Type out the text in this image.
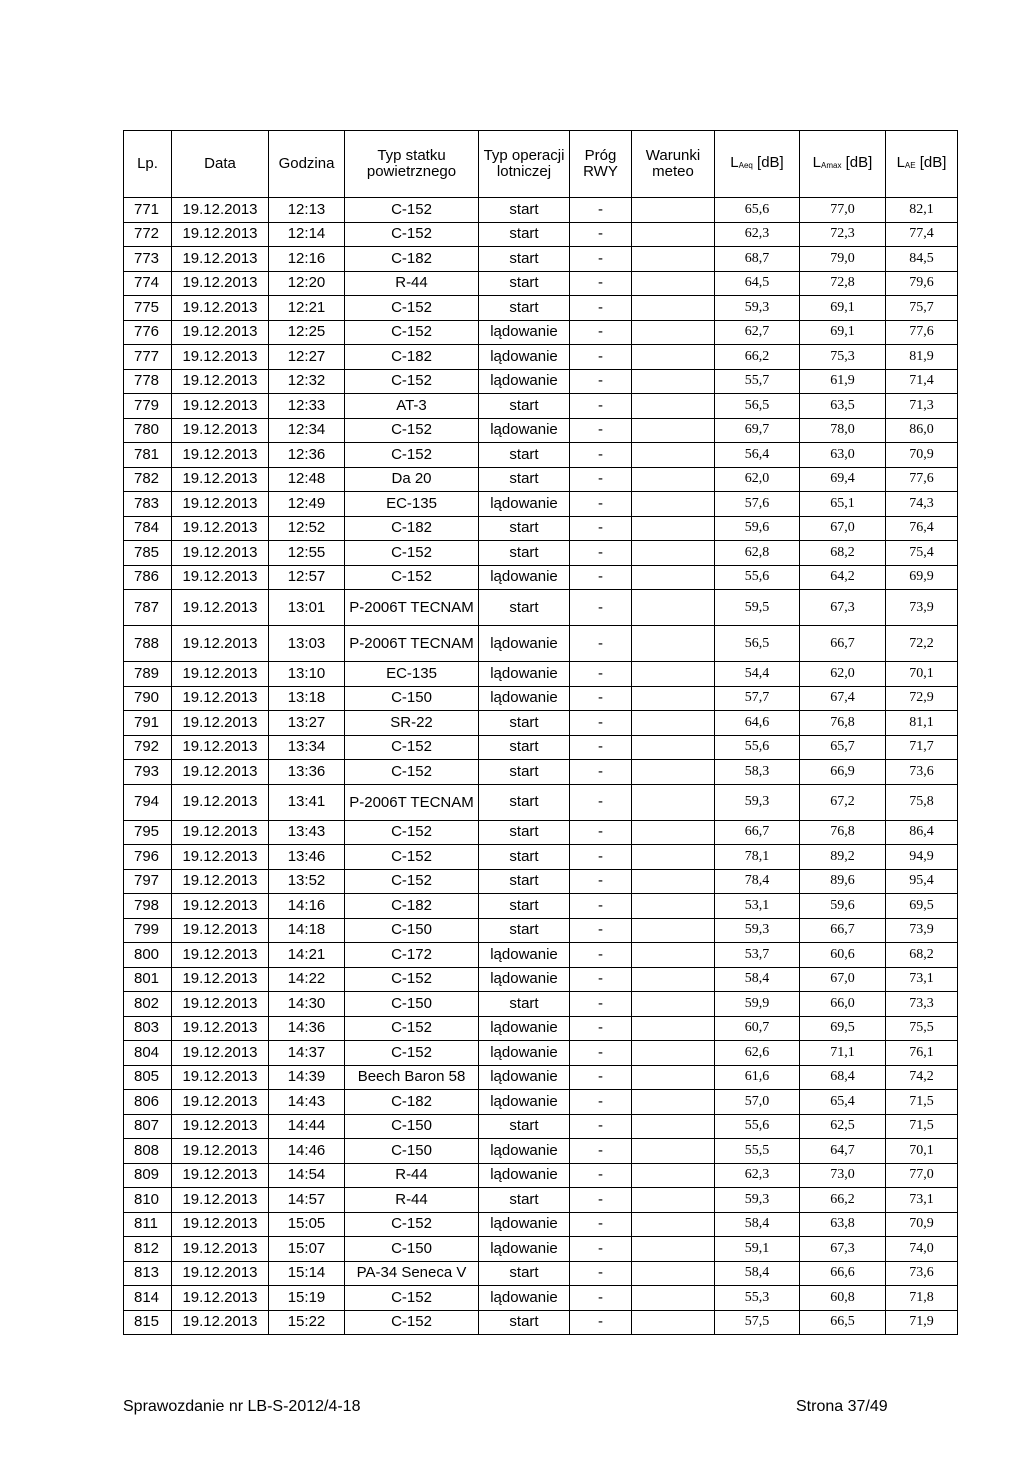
Lp.	Data	Godzina	Typ statku powietrznego	Typ operacji lotniczej	Próg RWY	Warunki meteo	$L_{Aeq}$ [dB]	$L_{Amax}$ [dB]	$L_{AE}$ [dB]
771	19.12.2013	12:13	C-152	start	-		65,6	77,0	82,1
772	19.12.2013	12:14	C-152	start	-		62,3	72,3	77,4
773	19.12.2013	12:16	C-182	start	-		68,7	79,0	84,5
774	19.12.2013	12:20	R-44	start	-		64,5	72,8	79,6
775	19.12.2013	12:21	C-152	start	-		59,3	69,1	75,7
776	19.12.2013	12:25	C-152	lądowanie	-		62,7	69,1	77,6
777	19.12.2013	12:27	C-182	lądowanie	-		66,2	75,3	81,9
778	19.12.2013	12:32	C-152	lądowanie	-		55,7	61,9	71,4
779	19.12.2013	12:33	AT-3	start	-		56,5	63,5	71,3
780	19.12.2013	12:34	C-152	lądowanie	-		69,7	78,0	86,0
781	19.12.2013	12:36	C-152	start	-		56,4	63,0	70,9
782	19.12.2013	12:48	Da 20	start	-		62,0	69,4	77,6
783	19.12.2013	12:49	EC-135	lądowanie	-		57,6	65,1	74,3
784	19.12.2013	12:52	C-182	start	-		59,6	67,0	76,4
785	19.12.2013	12:55	C-152	start	-		62,8	68,2	75,4
786	19.12.2013	12:57	C-152	lądowanie	-		55,6	64,2	69,9
787	19.12.2013	13:01	P-2006T TECNAM	start	-		59,5	67,3	73,9
788	19.12.2013	13:03	P-2006T TECNAM	lądowanie	-		56,5	66,7	72,2
789	19.12.2013	13:10	EC-135	lądowanie	-		54,4	62,0	70,1
790	19.12.2013	13:18	C-150	lądowanie	-		57,7	67,4	72,9
791	19.12.2013	13:27	SR-22	start	-		64,6	76,8	81,1
792	19.12.2013	13:34	C-152	start	-		55,6	65,7	71,7
793	19.12.2013	13:36	C-152	start	-		58,3	66,9	73,6
794	19.12.2013	13:41	P-2006T TECNAM	start	-		59,3	67,2	75,8
795	19.12.2013	13:43	C-152	start	-		66,7	76,8	86,4
796	19.12.2013	13:46	C-152	start	-		78,1	89,2	94,9
797	19.12.2013	13:52	C-152	start	-		78,4	89,6	95,4
798	19.12.2013	14:16	C-182	start	-		53,1	59,6	69,5
799	19.12.2013	14:18	C-150	start	-		59,3	66,7	73,9
800	19.12.2013	14:21	C-172	lądowanie	-		53,7	60,6	68,2
801	19.12.2013	14:22	C-152	lądowanie	-		58,4	67,0	73,1
802	19.12.2013	14:30	C-150	start	-		59,9	66,0	73,3
803	19.12.2013	14:36	C-152	lądowanie	-		60,7	69,5	75,5
804	19.12.2013	14:37	C-152	lądowanie	-		62,6	71,1	76,1
805	19.12.2013	14:39	Beech Baron 58	lądowanie	-		61,6	68,4	74,2
806	19.12.2013	14:43	C-182	lądowanie	-		57,0	65,4	71,5
807	19.12.2013	14:44	C-150	start	-		55,6	62,5	71,5
808	19.12.2013	14:46	C-150	lądowanie	-		55,5	64,7	70,1
809	19.12.2013	14:54	R-44	lądowanie	-		62,3	73,0	77,0
810	19.12.2013	14:57	R-44	start	-		59,3	66,2	73,1
811	19.12.2013	15:05	C-152	lądowanie	-		58,4	63,8	70,9
812	19.12.2013	15:07	C-150	lądowanie	-		59,1	67,3	74,0
813	19.12.2013	15:14	PA-34 Seneca V	start	-		58,4	66,6	73,6
814	19.12.2013	15:19	C-152	lądowanie	-		55,3	60,8	71,8
815	19.12.2013	15:22	C-152	start	-		57,5	66,5	71,9
Sprawozdanie nr LB-S-2012/4-18	Strona 37/49
